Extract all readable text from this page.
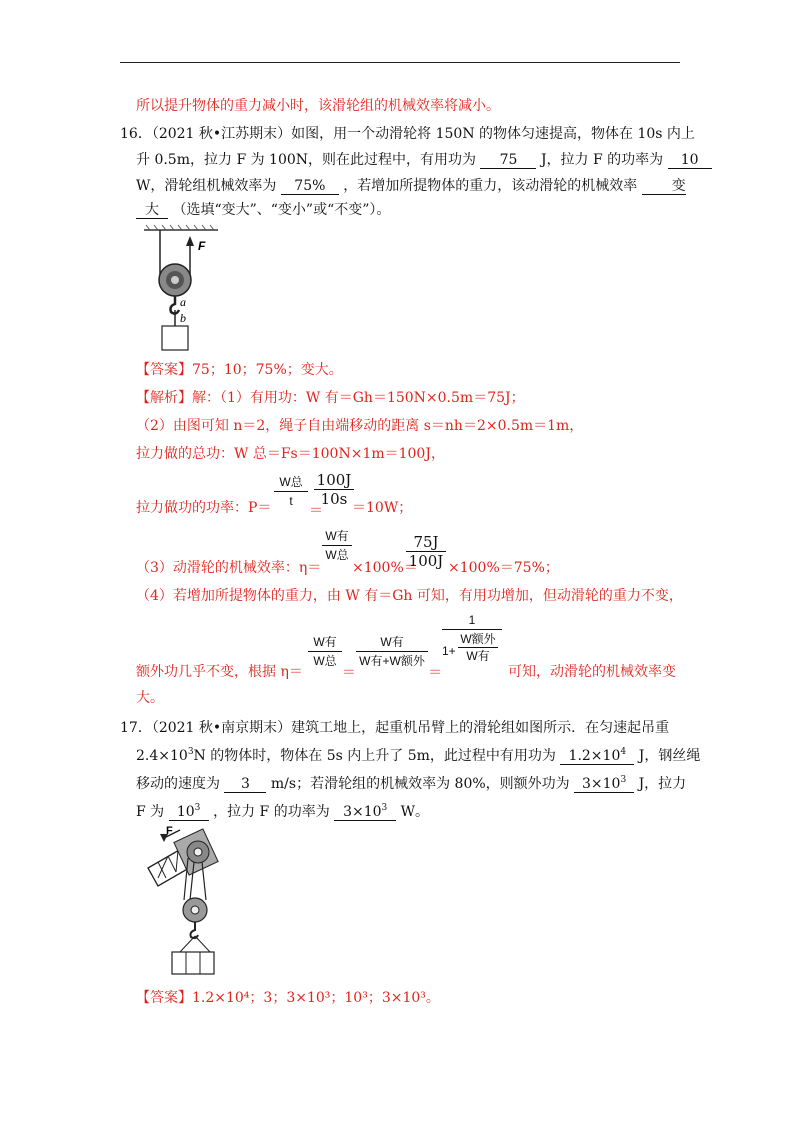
所以提升物体的重力减小时，该滑轮组的机械效率将减小。
16．（2021 秋•江苏期末）如图，用一个动滑轮将 150N 的物体匀速提高，物体在 10s 内上
升 0.5m，拉力 F 为 100N，则在此过程中，有用功为 75 J，拉力 F 的功率为 10
W，滑轮组机械效率为 75% ，若增加所提物体的重力，该动滑轮的机械效率 变
大 （选填“变大”、“变小”或“不变”）。
F
a
b
【答案】75；10；75%；变大。
【解析】解：（1）有用功：W 有＝Gh＝150N×0.5m＝75J；
（2）由图可知 n＝2，绳子自由端移动的距离 s＝nh＝2×0.5m＝1m，
拉力做的总功：W 总＝Fs＝100N×1m＝100J，
拉力做功的功率：P＝
W总
t
＝
100J
10s ＝10W；
（3）动滑轮的机械效率：η＝
W有
W总
×100%＝
75J
100J ×100%＝75%；
（4）若增加所提物体的重力，由 W 有＝Gh 可知，有用功增加，但动滑轮的重力不变，
额外功几乎不变，根据 η＝
W有
W总
＝
W有
W有+W额外
＝
1
1+
W额外
W有
可知，动滑轮的机械效率变
大。
17．（2021 秋•南京期末）建筑工地上，起重机吊臂上的滑轮组如图所示．在匀速起吊重
$2.4\times 10^3N$ 的物体时，物体在 5s 内上升了 5m，此过程中有用功为 $1.2\times 10^4$ J，钢丝绳
移动的速度为 3 m/s；若滑轮组的机械效率为 80%，则额外功为 $3\times 10^3$ J，拉力
F 为 $10^3$ ，拉力 F 的功率为 $3\times 10^3$ W。
F
【答案】1.2×10⁴；3；3×10³；10³；3×10³。
